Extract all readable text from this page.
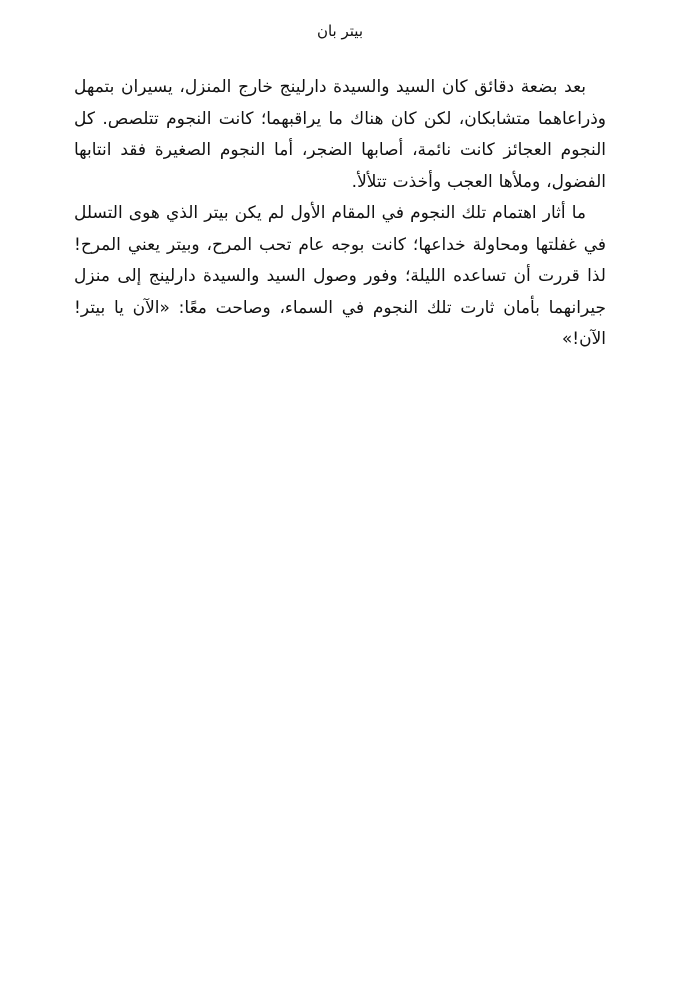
بيتر بان

بعد بضعة دقائق كان السيد والسيدة دارلينج خارج المنزل، يسيران بتمهل وذراعاهما متشابكان، لكن كان هناك ما يراقبهما؛ كانت النجوم تتلصص. كل النجوم العجائز كانت نائمة، أصابها الضجر، أما النجوم الصغيرة فقد انتابها الفضول، وملأها العجب وأخذت تتلألأ.

ما أثار اهتمام تلك النجوم في المقام الأول لم يكن بيتر الذي هوى التسلل في غفلتها ومحاولة خداعها؛ كانت بوجه عام تحب المرح، وبيتر يعني المرح! لذا قررت أن تساعده الليلة؛ وفور وصول السيد والسيدة دارلينج إلى منزل جيرانهما بأمان ثارت تلك النجوم في السماء، وصاحت معًا: «الآن يا بيتر! الآن!»
